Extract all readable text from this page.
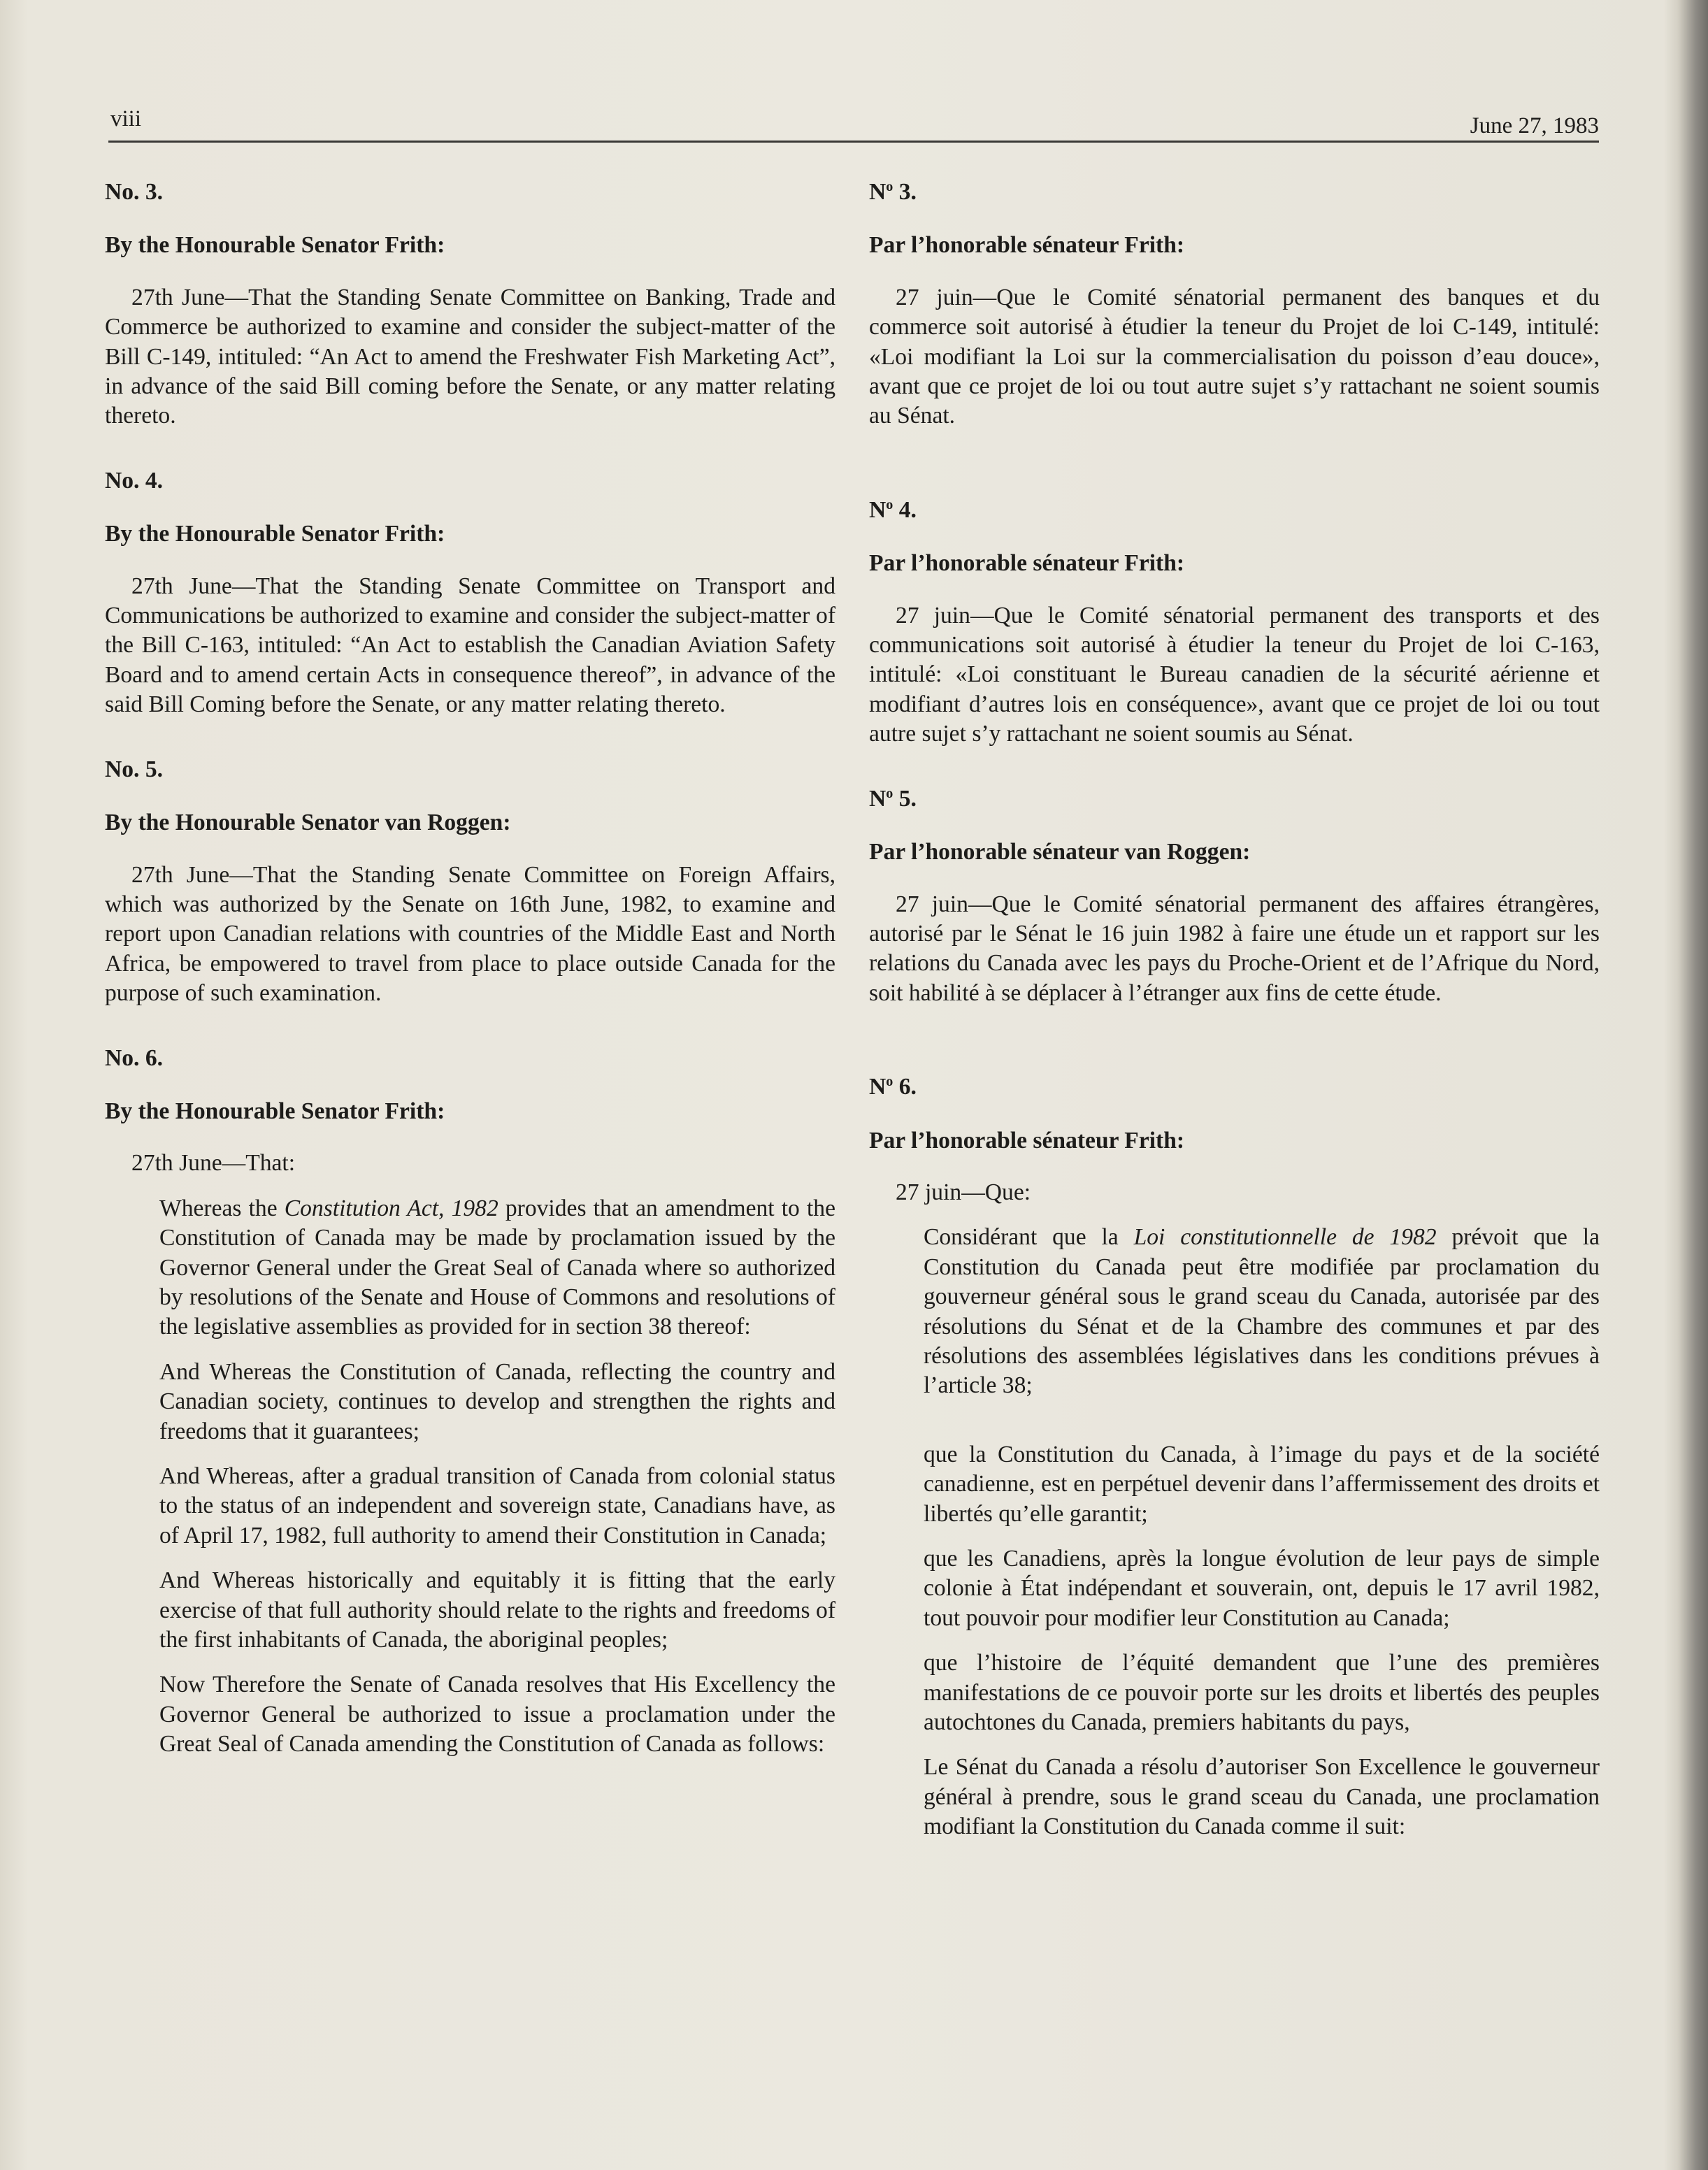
viii	June 27, 1983

No. 3.

By the Honourable Senator Frith:

27th June—That the Standing Senate Committee on Banking, Trade and Commerce be authorized to examine and consider the subject-matter of the Bill C-149, intituled: “An Act to amend the Freshwater Fish Marketing Act”, in advance of the said Bill coming before the Senate, or any matter relating thereto.

No. 4.

By the Honourable Senator Frith:

27th June—That the Standing Senate Committee on Transport and Communications be authorized to examine and consider the subject-matter of the Bill C-163, intituled: “An Act to establish the Canadian Aviation Safety Board and to amend certain Acts in consequence thereof”, in advance of the said Bill Coming before the Senate, or any matter relating thereto.

No. 5.

By the Honourable Senator van Roggen:

27th June—That the Standing Senate Committee on Foreign Affairs, which was authorized by the Senate on 16th June, 1982, to examine and report upon Canadian relations with countries of the Middle East and North Africa, be empowered to travel from place to place outside Canada for the purpose of such examination.

No. 6.

By the Honourable Senator Frith:

27th June—That:

Whereas the Constitution Act, 1982 provides that an amendment to the Constitution of Canada may be made by proclamation issued by the Governor General under the Great Seal of Canada where so authorized by resolutions of the Senate and House of Commons and resolutions of the legislative assemblies as provided for in section 38 thereof:

And Whereas the Constitution of Canada, reflecting the country and Canadian society, continues to develop and strengthen the rights and freedoms that it guarantees;

And Whereas, after a gradual transition of Canada from colonial status to the status of an independent and sovereign state, Canadians have, as of April 17, 1982, full authority to amend their Constitution in Canada;

And Whereas historically and equitably it is fitting that the early exercise of that full authority should relate to the rights and freedoms of the first inhabitants of Canada, the aboriginal peoples;

Now Therefore the Senate of Canada resolves that His Excellency the Governor General be authorized to issue a proclamation under the Great Seal of Canada amending the Constitution of Canada as follows:

$N^o$ 3.

Par l’honorable sénateur Frith:

27 juin—Que le Comité sénatorial permanent des banques et du commerce soit autorisé à étudier la teneur du Projet de loi C-149, intitulé: «Loi modifiant la Loi sur la commercialisation du poisson d’eau douce», avant que ce projet de loi ou tout autre sujet s’y rattachant ne soient soumis au Sénat.

$N^o$ 4.

Par l’honorable sénateur Frith:

27 juin—Que le Comité sénatorial permanent des transports et des communications soit autorisé à étudier la teneur du Projet de loi C-163, intitulé: «Loi constituant le Bureau canadien de la sécurité aérienne et modifiant d’autres lois en conséquence», avant que ce projet de loi ou tout autre sujet s’y rattachant ne soient soumis au Sénat.

$N^o$ 5.

Par l’honorable sénateur van Roggen:

27 juin—Que le Comité sénatorial permanent des affaires étrangères, autorisé par le Sénat le 16 juin 1982 à faire une étude un et rapport sur les relations du Canada avec les pays du Proche-Orient et de l’Afrique du Nord, soit habilité à se déplacer à l’étranger aux fins de cette étude.

$N^o$ 6.

Par l’honorable sénateur Frith:

27 juin—Que:

Considérant que la Loi constitutionnelle de 1982 prévoit que la Constitution du Canada peut être modifiée par proclamation du gouverneur général sous le grand sceau du Canada, autorisée par des résolutions du Sénat et de la Chambre des communes et par des résolutions des assemblées législatives dans les conditions prévues à l’article 38;

que la Constitution du Canada, à l’image du pays et de la société canadienne, est en perpétuel devenir dans l’affermissement des droits et libertés qu’elle garantit;

que les Canadiens, après la longue évolution de leur pays de simple colonie à État indépendant et souverain, ont, depuis le 17 avril 1982, tout pouvoir pour modifier leur Constitution au Canada;

que l’histoire de l’équité demandent que l’une des premières manifestations de ce pouvoir porte sur les droits et libertés des peuples autochtones du Canada, premiers habitants du pays,

Le Sénat du Canada a résolu d’autoriser Son Excellence le gouverneur général à prendre, sous le grand sceau du Canada, une proclamation modifiant la Constitution du Canada comme il suit:
